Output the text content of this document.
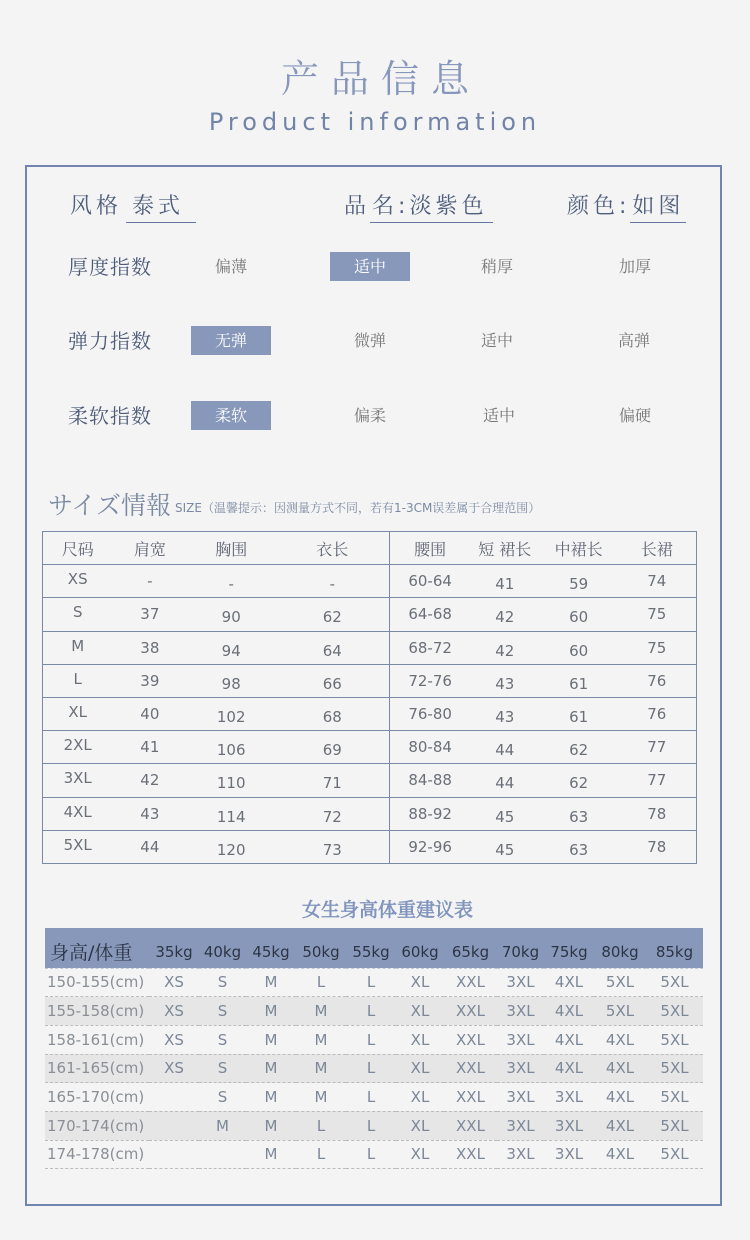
产品信息
Product information
风格 泰式	品名:淡紫色	颜色:如图
厚度指数	偏薄	适中	稍厚	加厚
弹力指数	无弹	微弹	适中	高弹
柔软指数	柔软	偏柔	适中	偏硬
サイズ情報 SIZE（温馨提示：因测量方式不同，若有1-3CM误差属于合理范围）
尺码	肩宽	胸围	衣长	腰围	短 裙长	中裙长	长裙
XS	-	-	-	60-64	41	59	74
S	37	90	62	64-68	42	60	75
M	38	94	64	68-72	42	60	75
L	39	98	66	72-76	43	61	76
XL	40	102	68	76-80	43	61	76
2XL	41	106	69	80-84	44	62	77
3XL	42	110	71	84-88	44	62	77
4XL	43	114	72	88-92	45	63	78
5XL	44	120	73	92-96	45	63	78
女生身高体重建议表
身高/体重	35kg	40kg	45kg	50kg	55kg	60kg	65kg	70kg	75kg	80kg	85kg
150-155(cm)	XS	S	M	L	L	XL	XXL	3XL	4XL	5XL	5XL
155-158(cm)	XS	S	M	M	L	XL	XXL	3XL	4XL	5XL	5XL
158-161(cm)	XS	S	M	M	L	XL	XXL	3XL	4XL	4XL	5XL
161-165(cm)	XS	S	M	M	L	XL	XXL	3XL	4XL	4XL	5XL
165-170(cm)		S	M	M	L	XL	XXL	3XL	3XL	4XL	5XL
170-174(cm)		M	M	L	L	XL	XXL	3XL	3XL	4XL	5XL
174-178(cm)			M	L	L	XL	XXL	3XL	3XL	4XL	5XL
